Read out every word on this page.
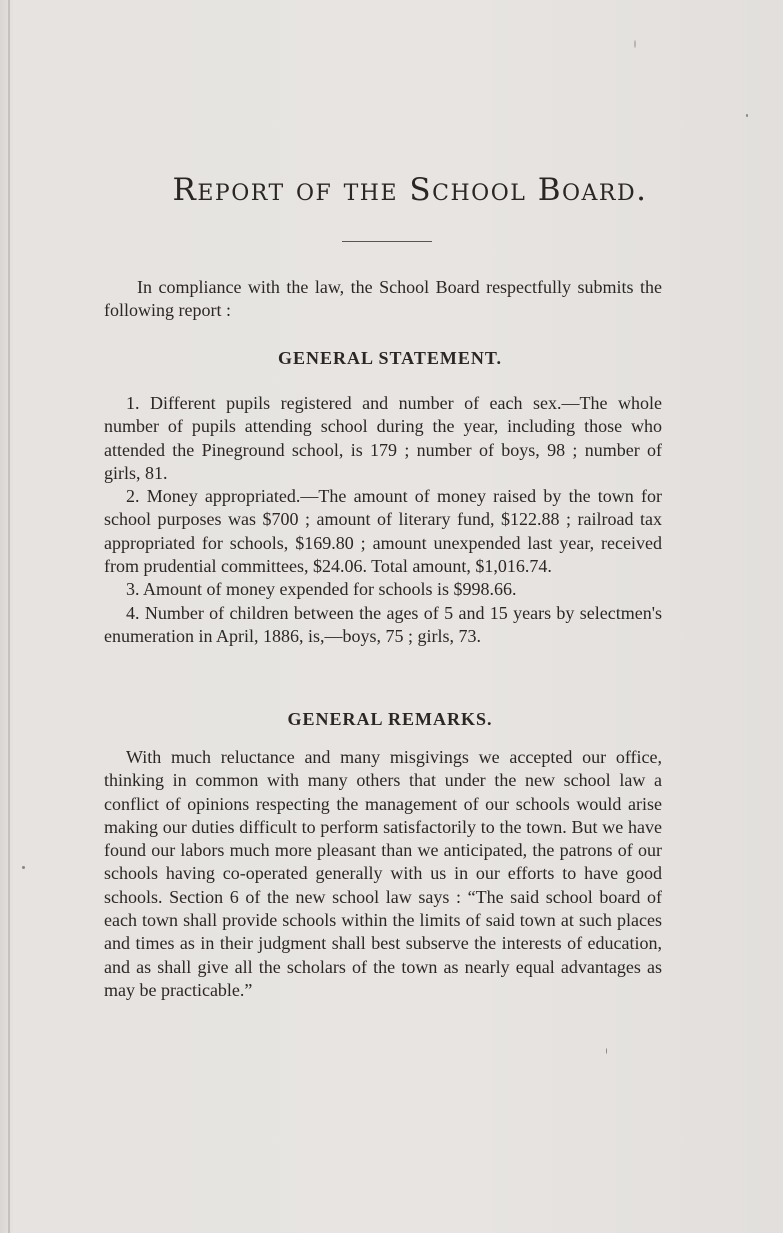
Report of the School Board.

In compliance with the law, the School Board respectfully submits the following report :

GENERAL STATEMENT.

1. Different pupils registered and number of each sex.—The whole number of pupils attending school during the year, including those who attended the Pineground school, is 179 ; number of boys, 98 ; number of girls, 81.

2. Money appropriated.—The amount of money raised by the town for school purposes was $700 ; amount of literary fund, $122.88 ; railroad tax appropriated for schools, $169.80 ; amount unexpended last year, received from prudential committees, $24.06. Total amount, $1,016.74.

3. Amount of money expended for schools is $998.66.

4. Number of children between the ages of 5 and 15 years by selectmen's enumeration in April, 1886, is,—boys, 75 ; girls, 73.

GENERAL REMARKS.

With much reluctance and many misgivings we accepted our office, thinking in common with many others that under the new school law a conflict of opinions respecting the management of our schools would arise making our duties difficult to perform satisfactorily to the town. But we have found our labors much more pleasant than we anticipated, the patrons of our schools having co-operated generally with us in our efforts to have good schools. Section 6 of the new school law says : “The said school board of each town shall provide schools within the limits of said town at such places and times as in their judgment shall best subserve the interests of education, and as shall give all the scholars of the town as nearly equal advantages as may be practicable.”
